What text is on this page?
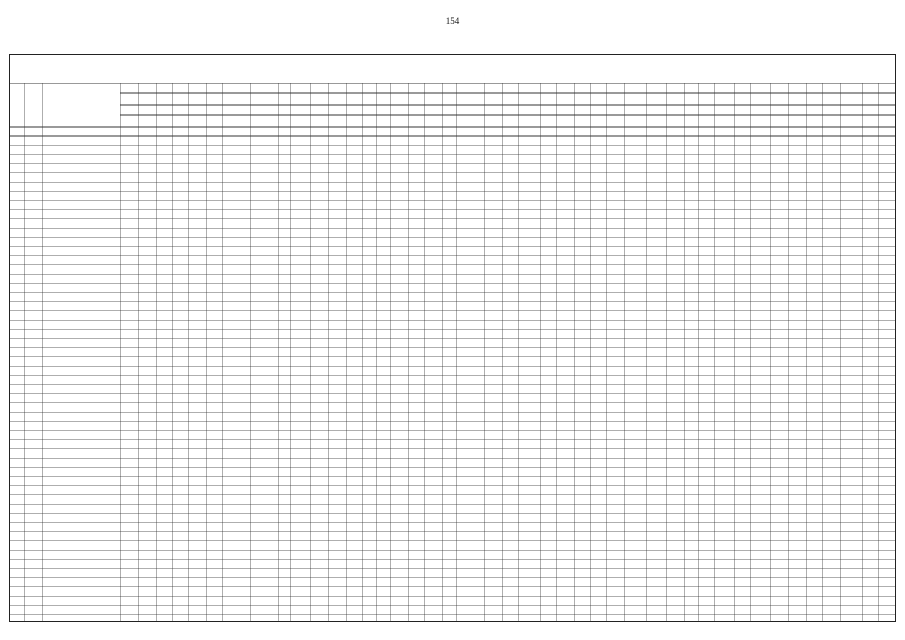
154
